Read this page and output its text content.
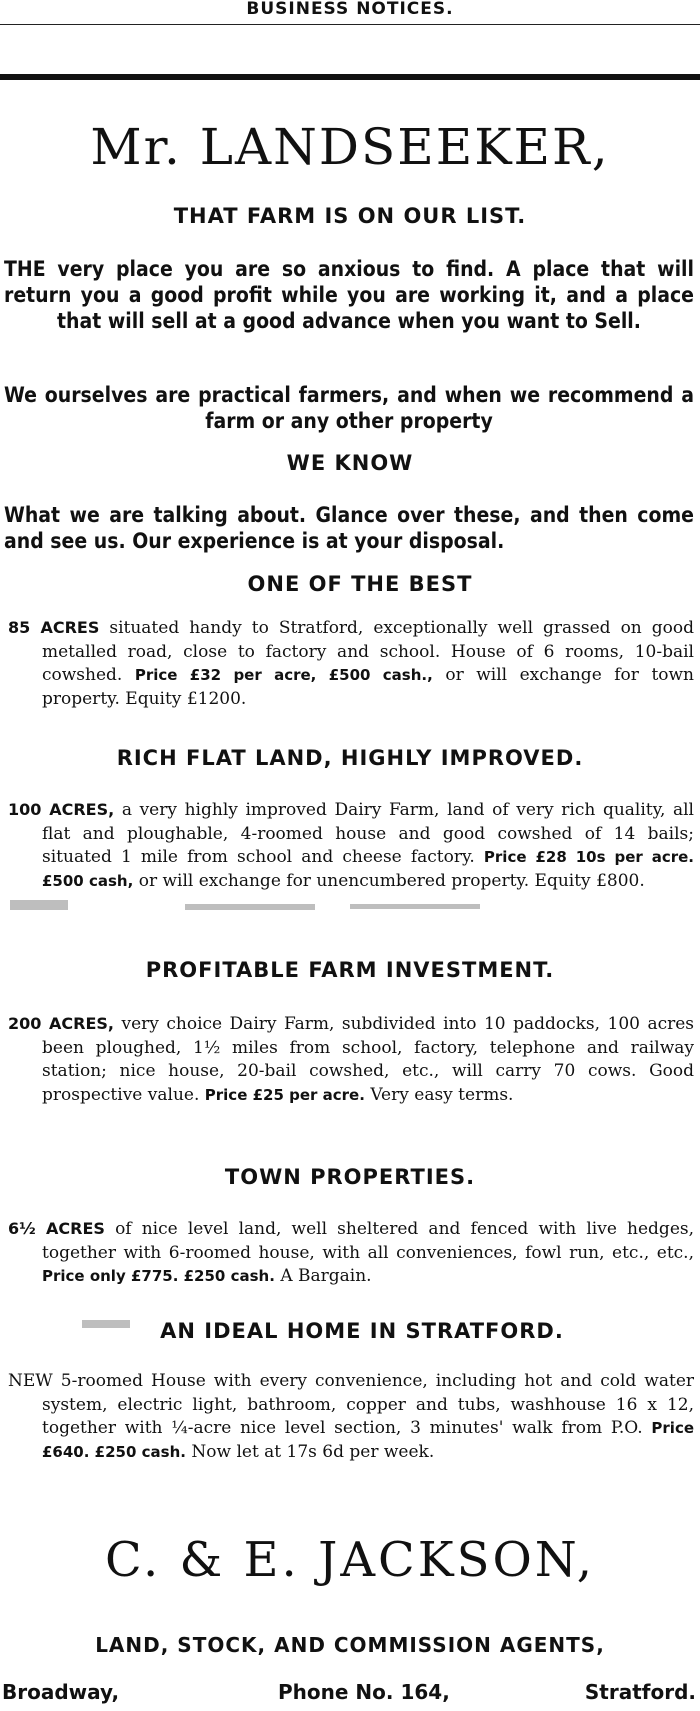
BUSINESS NOTICES.
Mr. LANDSEEKER,
THAT FARM IS ON OUR LIST.
THE very place you are so anxious to find. A place that will return you a good profit while you are working it, and a place that will sell at a good advance when you want to Sell.
We ourselves are practical farmers, and when we recommend a farm or any other property
WE KNOW
What we are talking about. Glance over these, and then come and see us. Our experience is at your disposal.
ONE OF THE BEST
85 ACRES situated handy to Stratford, exceptionally well grassed on good metalled road, close to factory and school. House of 6 rooms, 10-bail cowshed. Price £32 per acre, £500 cash., or will exchange for town property. Equity £1200.
RICH FLAT LAND, HIGHLY IMPROVED.
100 ACRES, a very highly improved Dairy Farm, land of very rich quality, all flat and ploughable, 4-roomed house and good cowshed of 14 bails; situated 1 mile from school and cheese factory. Price £28 10s per acre. £500 cash, or will exchange for unencumbered property. Equity £800.
PROFITABLE FARM INVESTMENT.
200 ACRES, very choice Dairy Farm, subdivided into 10 paddocks, 100 acres been ploughed, 1½ miles from school, factory, telephone and railway station; nice house, 20-bail cowshed, etc., will carry 70 cows. Good prospective value. Price £25 per acre. Very easy terms.
TOWN PROPERTIES.
6½ ACRES of nice level land, well sheltered and fenced with live hedges, together with 6-roomed house, with all conveniences, fowl run, etc., etc., Price only £775. £250 cash. A Bargain.
AN IDEAL HOME IN STRATFORD.
NEW 5-roomed House with every convenience, including hot and cold water system, electric light, bathroom, copper and tubs, washhouse 16 x 12, together with ¼-acre nice level section, 3 minutes' walk from P.O. Price £640. £250 cash. Now let at 17s 6d per week.
C. & E. JACKSON,
LAND, STOCK, AND COMMISSION AGENTS,
Broadway,	Phone No. 164,	Stratford.
